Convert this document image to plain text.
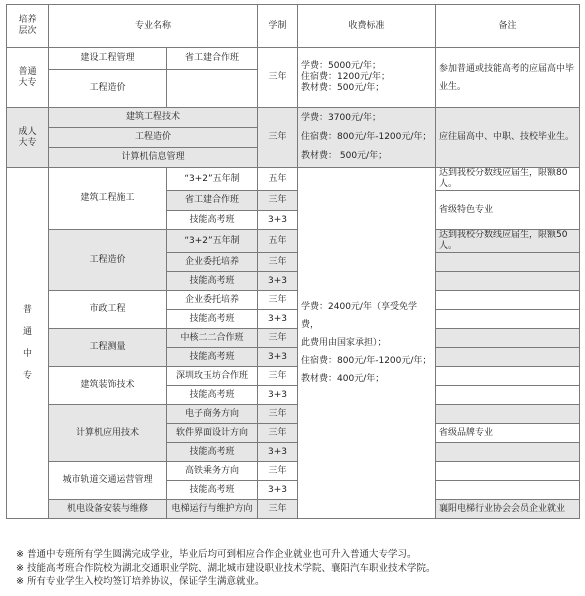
培养层次	专业名称		学制	收费标准	备注
普通大专	建设工程管理	省工建合作班	三年	学费：5000元/年；
住宿费：1200元/年；
教材费：500元/年；	参加普通或技能高考的应届高中毕业生。
	工程造价				
成人大专	建筑工程技术		三年	学费：3700元/年；
住宿费：800元/年-1200元/年；
教材费： 500元/年；	应往届高中、中职、技校毕业生。
	工程造价				
	计算机信息管理				
普通中专	建筑工程施工	“3+2”五年制	五年	学费：2400元/年（享受免学费，
此费用由国家承担）；
住宿费：800元/年-1200元/年；
教材费：400元/年；	达到我校分数线应届生，限额80人。
		省工建合作班	三年		省级特色专业
		技能高考班	3+3		
	工程造价	“3+2”五年制	五年		达到我校分数线应届生，限额50人。
		企业委托培养	三年		
		技能高考班	3+3		
	市政工程	企业委托培养	三年		
		技能高考班	3+3		
	工程测量	中核二二合作班	三年		
		技能高考班	3+3		
	建筑装饰技术	深圳玫玉坊合作班	三年		
		技能高考班	3+3		
	计算机应用技术	电子商务方向	三年		
		软件界面设计方向	三年		省级品牌专业
		技能高考班	3+3		
	城市轨道交通运营管理	高铁乘务方向	三年		
		技能高考班	3+3		
	机电设备安装与维修	电梯运行与维护方向	三年		襄阳电梯行业协会会员企业就业
※ 普通中专班所有学生圆满完成学业，毕业后均可到相应合作企业就业也可升入普通大专学习。
※ 技能高考班合作院校为湖北交通职业学院、湖北城市建设职业技术学院、襄阳汽车职业技术学院。
※ 所有专业学生入校均签订培养协议，保证学生满意就业。
